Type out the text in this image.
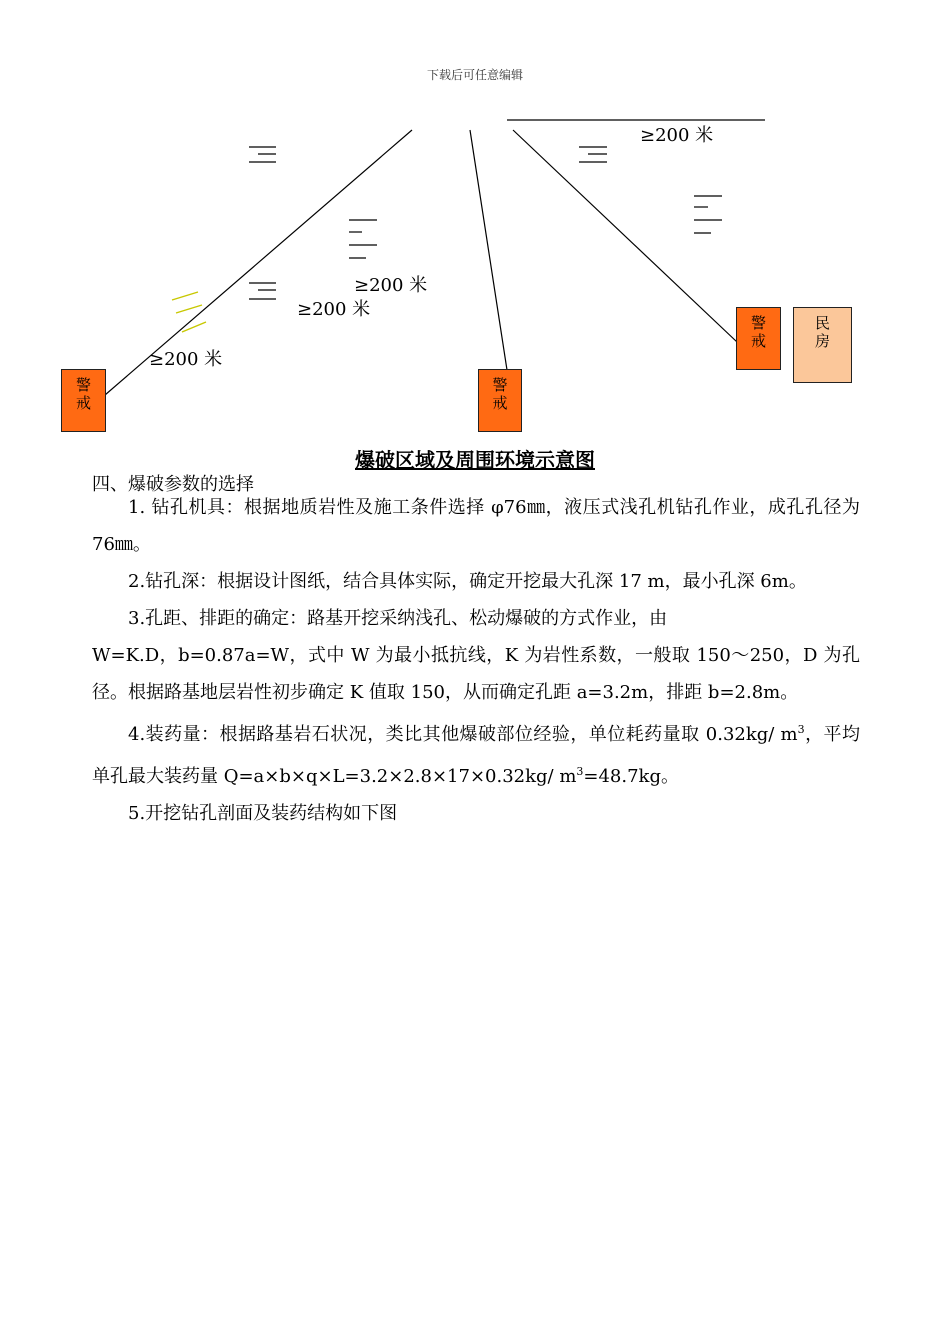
下载后可任意编辑
警
戒
警
戒
警
戒
民
房
≥200 米
≥200 米
≥200 米
≥200 米
爆破区域及周围环境示意图
四、爆破参数的选择

1. 钻孔机具：根据地质岩性及施工条件选择 φ76㎜，液压式浅孔机钻孔作业，成孔孔径为76㎜。

2.钻孔深：根据设计图纸，结合具体实际，确定开挖最大孔深 17 m，最小孔深 6m。

3.孔距、排距的确定：路基开挖采纳浅孔、松动爆破的方式作业，由

W=K.D，b=0.87a=W，式中 W 为最小抵抗线，K 为岩性系数，一般取 150～250，D 为孔径。根据路基地层岩性初步确定 K 值取 150，从而确定孔距 a=3.2m，排距 b=2.8m。

4.装药量：根据路基岩石状况，类比其他爆破部位经验，单位耗药量取 0.32kg/ $m^3$，平均单孔最大装药量 Q=a×b×q×L=3.2×2.8×17×0.32kg/ $m^3=48.7kg$。

5.开挖钻孔剖面及装药结构如下图
